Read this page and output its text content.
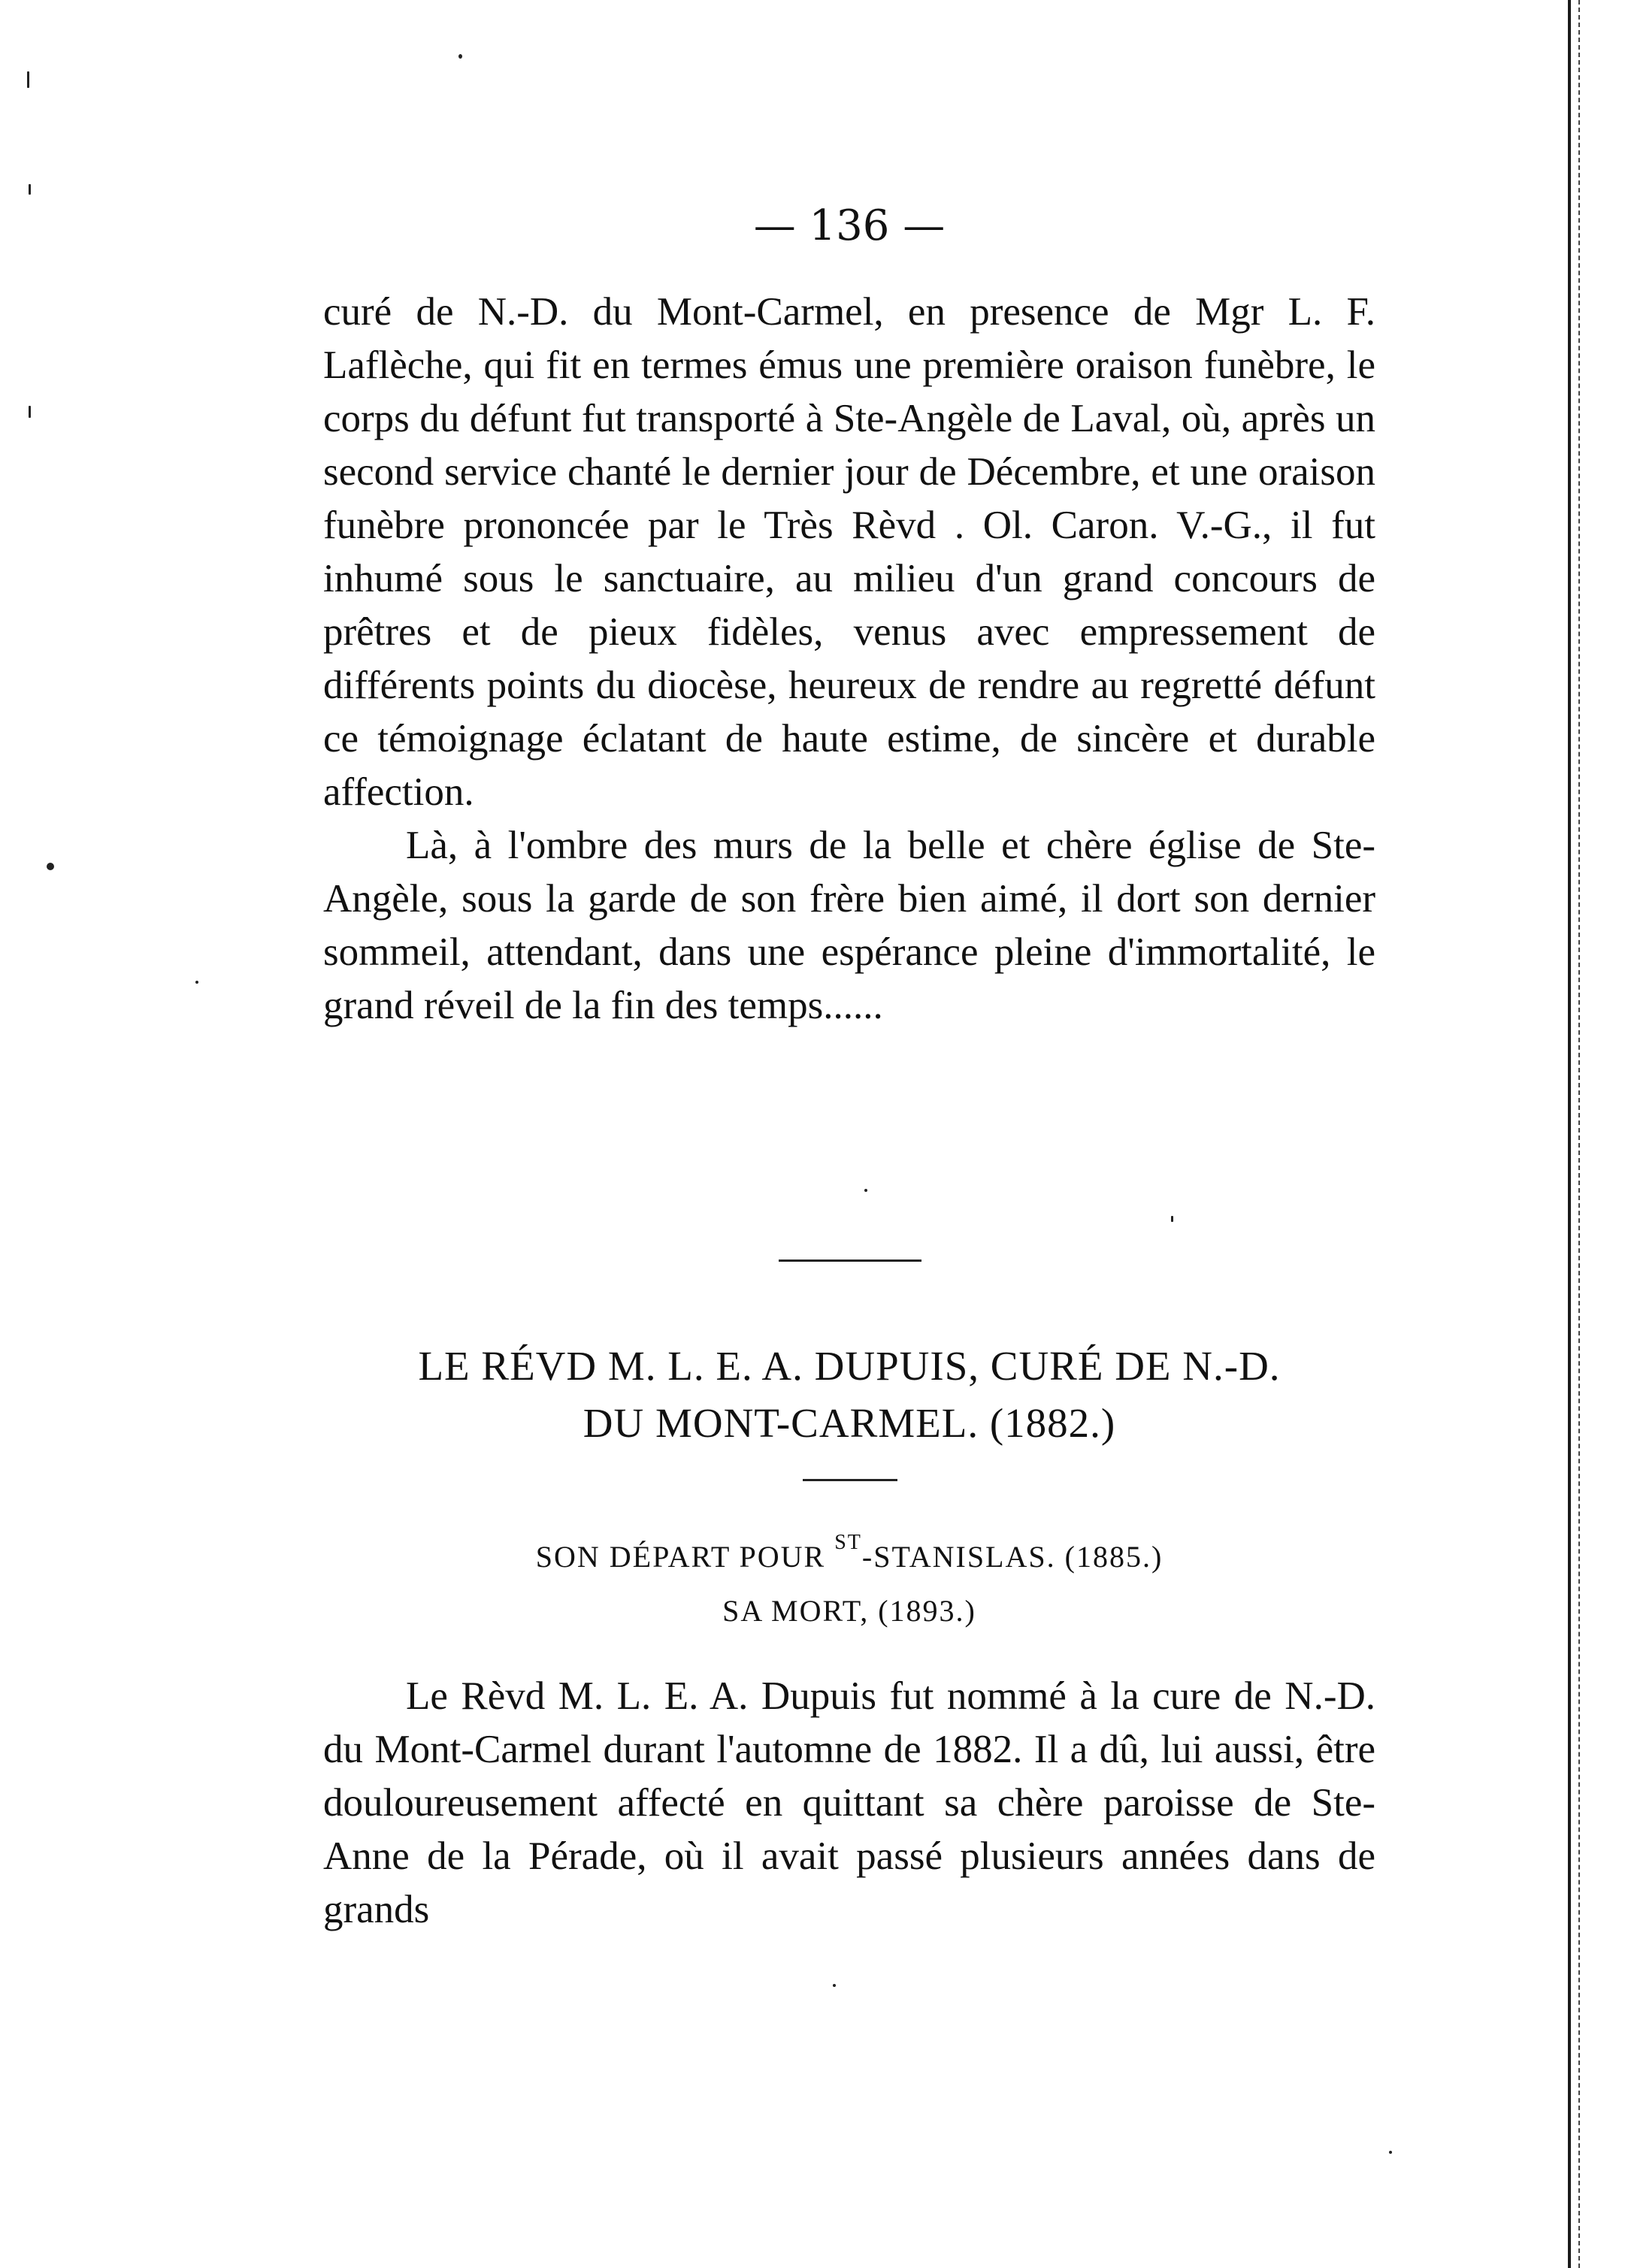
— 136 —

curé de N.-D. du Mont-Carmel, en presence de Mgr L. F. Laflèche, qui fit en termes émus une première oraison funèbre, le corps du défunt fut transporté à Ste-Angèle de Laval, où, après un second service chanté le dernier jour de Décembre, et une oraison funèbre prononcée par le Très Rèvd . Ol. Caron. V.-G., il fut inhumé sous le sanctuaire, au milieu d'un grand concours de prêtres et de pieux fidèles, venus avec empressement de différents points du diocèse, heureux de rendre au regretté défunt ce témoignage éclatant de haute estime, de sincère et durable affection.

Là, à l'ombre des murs de la belle et chère église de Ste-Angèle, sous la garde de son frère bien aimé, il dort son dernier sommeil, attendant, dans une espérance pleine d'immortalité, le grand réveil de la fin des temps......

LE RÉVD M. L. E. A. DUPUIS, CURÉ DE N.-D.
DU MONT-CARMEL. (1882.)
SON DÉPART POUR $^{ST}$-STANISLAS. (1885.)
SA MORT, (1893.)

Le Rèvd M. L. E. A. Dupuis fut nommé à la cure de N.-D. du Mont-Carmel durant l'automne de 1882. Il a dû, lui aussi, être douloureusement affecté en quittant sa chère paroisse de Ste-Anne de la Pérade, où il avait passé plusieurs années dans de grands
